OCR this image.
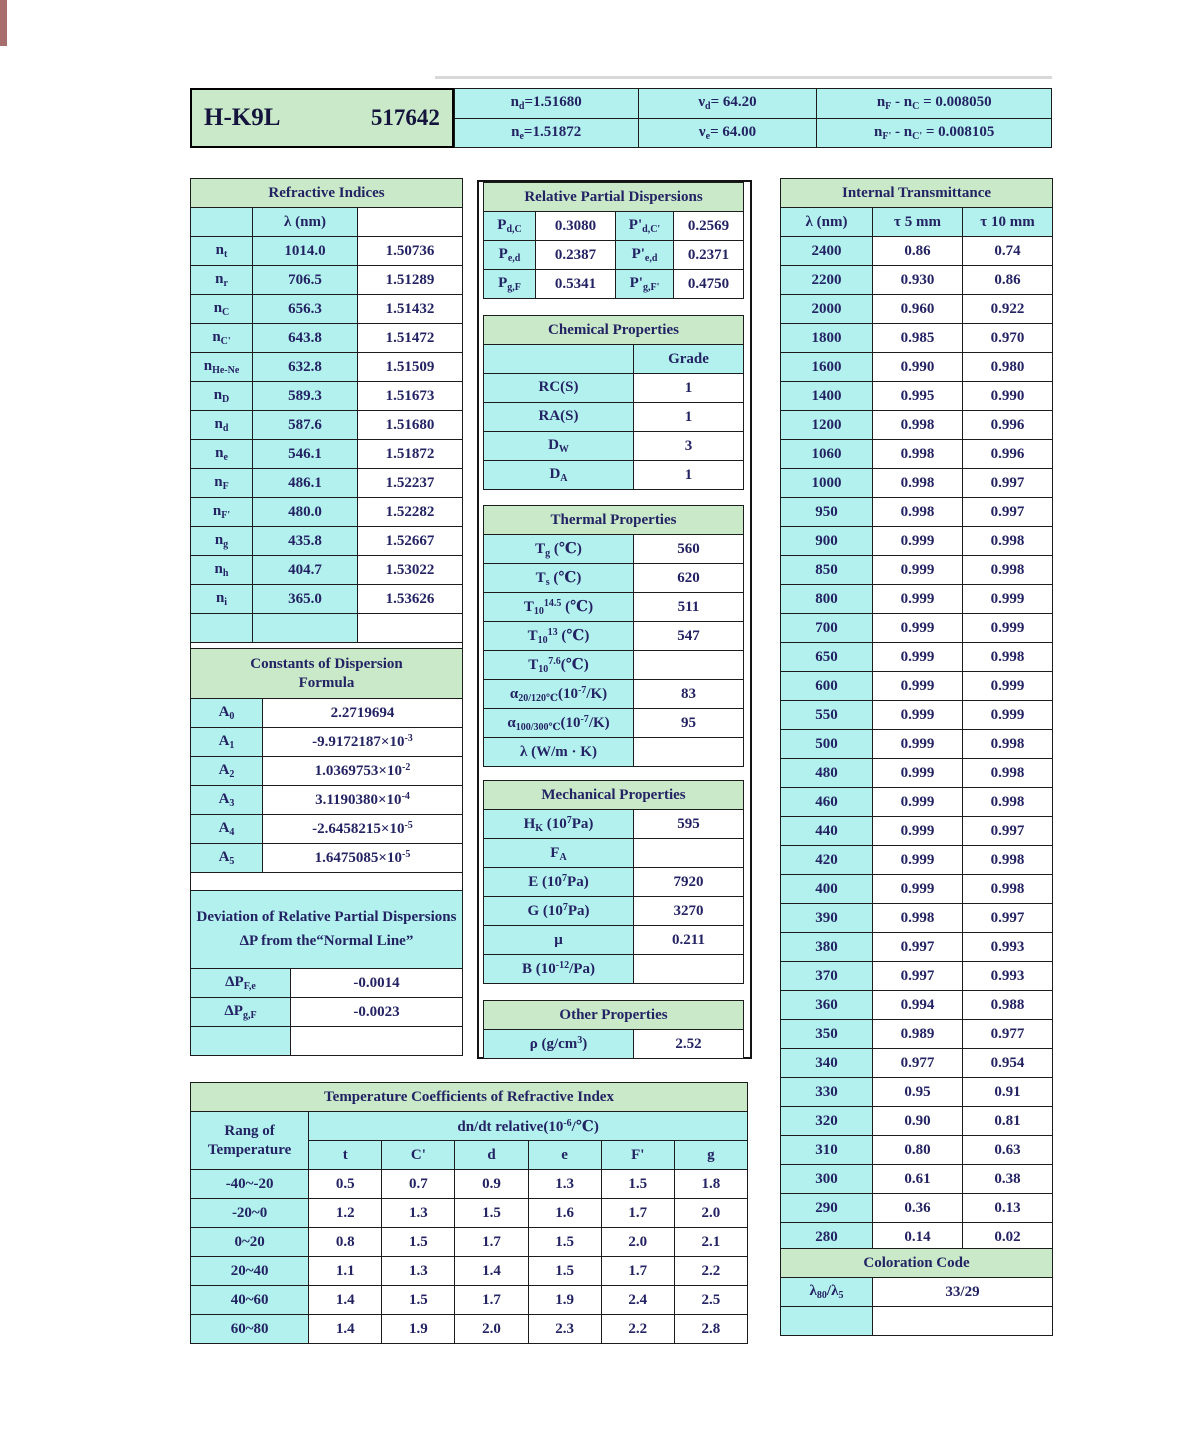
H-K9L	517642
$n_d=1.51680$	$\nu_d= 64.20$	$n_F - n_C = 0.008050$
$n_e=1.51872$	$\nu_e= 64.00$	$n_{F'} - n_{C'} = 0.008105$
Refractive Indices		
	λ (nm)	
$n_t$	1014.0	1.50736
$n_r$	706.5	1.51289
$n_C$	656.3	1.51432
$n_{C'}$	643.8	1.51472
$n_{He-Ne}$	632.8	1.51509
$n_D$	589.3	1.51673
$n_d$	587.6	1.51680
$n_e$	546.1	1.51872
$n_F$	486.1	1.52237
$n_{F'}$	480.0	1.52282
$n_g$	435.8	1.52667
$n_h$	404.7	1.53022
$n_i$	365.0	1.53626

Constants of Dispersion
Formula	

$A_0$	2.2719694
$A_1$	$-9.9172187\times 10^{-3}$
$A_2$	$1.0369753\times 10^{-2}$
$A_3$	$3.1190380\times 10^{-4}$
$A_4$	$-2.6458215\times 10^{-5}$
$A_5$	$1.6475085\times 10^{-5}$

Deviation of Relative Partial Dispersions ΔP from the“Normal Line”	
$\Delta P_{F,e}$	-0.0014
$\Delta P_{g,F}$	-0.0023

Temperature Coefficients of Refractive Index						

Rang of
Temperature	dn/dt $relative(10^{-6}/℃)$					
	t	C'	d	e	F'	g
-40~-20	0.5	0.7	0.9	1.3	1.5	1.8
-20~0	1.2	1.3	1.5	1.6	1.7	2.0
0~20	0.8	1.5	1.7	1.5	2.0	2.1
20~40	1.1	1.3	1.4	1.5	1.7	2.2
40~60	1.4	1.5	1.7	1.9	2.4	2.5
60~80	1.4	1.9	2.0	2.3	2.2	2.8
Relative Partial Dispersions			
$P_{d,C}$	0.3080	$P'_{d,C'}$	0.2569
$P_{e,d}$	0.2387	$P'_{e,d}$	0.2371
$P_{g,F}$	0.5341	$P'_{g,F'}$	0.4750
Chemical Properties	
	Grade
RC(S)	1
RA(S)	1
$D_W$	3
$D_A$	1
Thermal Properties	
$T_g$ (℃)	560
$T_s$ (℃)	620
$T_{10}^{14.5}$ (℃)	511
$T_{10}^{13}$ (℃)	547
$T_{10}^{7.6}(℃)$	
$\alpha_{20/120℃}(10^{-7}/K)$	83
$\alpha_{100/300℃}(10^{-7}/K)$	95
λ (W/m · K)	
Mechanical Properties	
$H_K$ $(10^7Pa)$	595
$F_A$	
E $(10^7Pa)$	7920
G $(10^7Pa)$	3270
μ	0.211
B $(10^{-12}/Pa)$	
Other Properties
ρ $(g/cm^3)$	2.52
Internal Transmittance		
λ (nm)	τ 5 mm	τ 10 mm
2400	0.86	0.74
2200	0.930	0.86
2000	0.960	0.922
1800	0.985	0.970
1600	0.990	0.980
1400	0.995	0.990
1200	0.998	0.996
1060	0.998	0.996
1000	0.998	0.997
950	0.998	0.997
900	0.999	0.998
850	0.999	0.998
800	0.999	0.999
700	0.999	0.999
650	0.999	0.998
600	0.999	0.999
550	0.999	0.999
500	0.999	0.998
480	0.999	0.998
460	0.999	0.998
440	0.999	0.997
420	0.999	0.998
400	0.999	0.998
390	0.998	0.997
380	0.997	0.993
370	0.997	0.993
360	0.994	0.988
350	0.989	0.977
340	0.977	0.954
330	0.95	0.91
320	0.90	0.81
310	0.80	0.63
300	0.61	0.38
290	0.36	0.13
280	0.14	0.02

Coloration Code	
$\lambda_{80}/\lambda_5$	33/29
